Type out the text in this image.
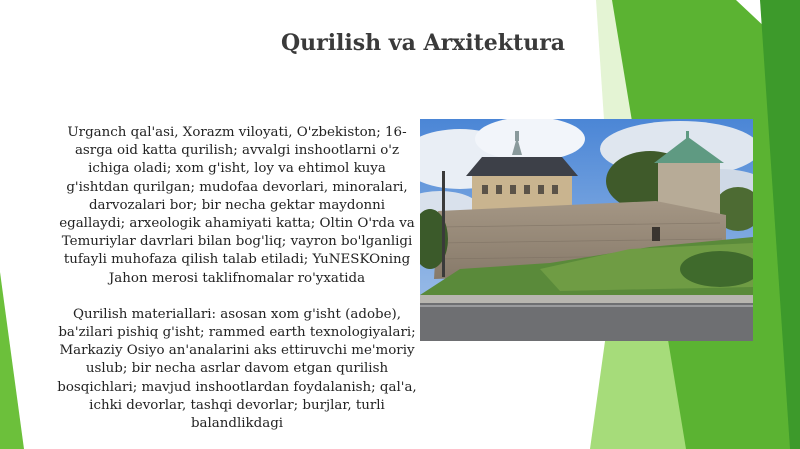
Qurilish va Arxitektura

Urganch qal'asi, Xorazm viloyati, O'zbekiston; 16-asrga oid katta qurilish; avvalgi inshootlarni o'z ichiga oladi; xom g'isht, loy va ehtimol kuya g'ishtdan qurilgan; mudofaa devorlari, minoralari, darvozalari bor; bir necha gektar maydonni egallaydi; arxeologik ahamiyati katta; Oltin O'rda va Temuriylar davrlari bilan bog'liq; vayron bo'lganligi tufayli muhofaza qilish talab etiladi; YuNESKOning Jahon merosi taklifnomalar ro'yxatida

Qurilish materiallari: asosan xom g'isht (adobe), ba'zilari pishiq g'isht; rammed earth texnologiyalari; Markaziy Osiyo an'analarini aks ettiruvchi me'moriy uslub; bir necha asrlar davom etgan qurilish bosqichlari; mavjud inshootlardan foydalanish; qal'a, ichki devorlar, tashqi devorlar; burjlar, turli balandlikdagi
